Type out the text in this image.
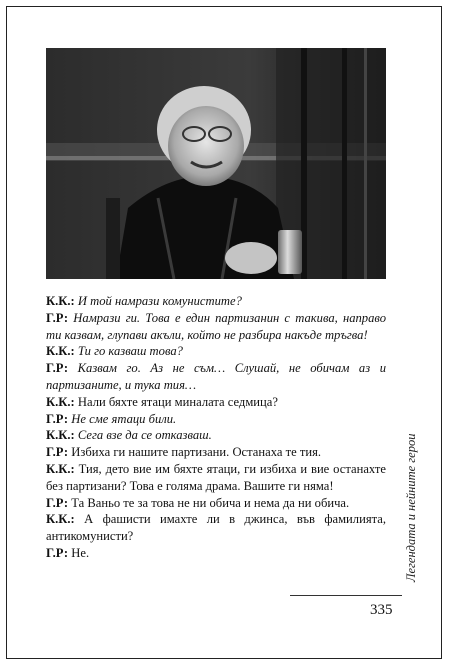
К.К.: И той намрази комунистите?

Г.Р: Намрази ги. Това е един партизанин с такива, направо ти казвам, глупави акъли, който не разбира накъде тръгва!

К.К.: Ти го казваш това?

Г.Р: Казвам го. Аз не съм… Слушай, не обичам аз и партизаните, и тука тия…

К.К.: Нали бяхте ятаци миналата седмица?

Г.Р: Не сме ятаци били.

К.К.: Сега взе да се отказваш.

Г.Р: Избиха ги нашите партизани. Останаха те тия.

К.К.: Тия, дето вие им бяхте ятаци, ги избиха и вие останахте без партизани? Това е голяма драма. Вашите ги няма!

Г.Р: Та Ваньо те за това не ни обича и нема да ни обича.

К.К.: А фашисти имахте ли в джинса, във фамилията, антикомунисти?

Г.Р: Не.	Легендата и нейните герои
335
